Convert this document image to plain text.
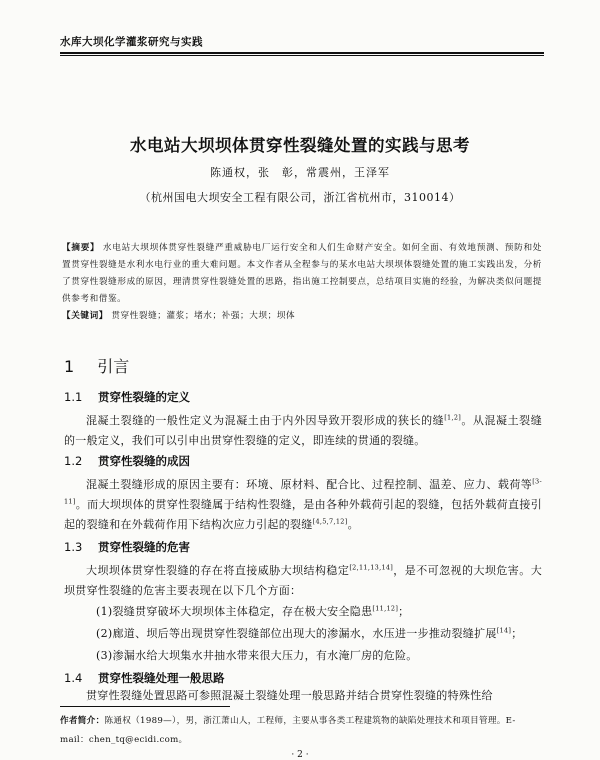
水库大坝化学灌浆研究与实践
水电站大坝坝体贯穿性裂缝处置的实践与思考
陈通权，张　彰，常震州，王泽军
（杭州国电大坝安全工程有限公司，浙江省杭州市，310014）
【摘要】 水电站大坝坝体贯穿性裂缝严重威胁电厂运行安全和人们生命财产安全。如何全面、有效地预测、预防和处置贯穿性裂缝是水利水电行业的重大难问题。本文作者从全程参与的某水电站大坝坝体裂缝处置的施工实践出发，分析了贯穿性裂缝形成的原因，理清贯穿性裂缝处置的思路，指出施工控制要点，总结项目实施的经验，为解决类似问题提供参考和借鉴。
【关键词】 贯穿性裂缝；灌浆；堵水；补强；大坝；坝体
1 引言
1.1 贯穿性裂缝的定义

混凝土裂缝的一般性定义为混凝土由于内外因导致开裂形成的狭长的缝[1,2]。从混凝土裂缝的一般定义，我们可以引申出贯穿性裂缝的定义，即连续的贯通的裂缝。

1.2 贯穿性裂缝的成因

混凝土裂缝形成的原因主要有：环境、原材料、配合比、过程控制、温差、应力、载荷等[3-11]。而大坝坝体的贯穿性裂缝属于结构性裂缝，是由各种外载荷引起的裂缝，包括外载荷直接引起的裂缝和在外载荷作用下结构次应力引起的裂缝[4,5,7,12]。

1.3 贯穿性裂缝的危害

大坝坝体贯穿性裂缝的存在将直接威胁大坝结构稳定[2,11,13,14]，是不可忽视的大坝危害。大坝贯穿性裂缝的危害主要表现在以下几个方面：

(1)裂缝贯穿破坏大坝坝体主体稳定，存在极大安全隐患[11,12]；
(2)廊道、坝后等出现贯穿性裂缝部位出现大的渗漏水，水压进一步推动裂缝扩展[14]；
(3)渗漏水给大坝集水井抽水带来很大压力，有水淹厂房的危险。
1.4 贯穿性裂缝处理一般思路

贯穿性裂缝处置思路可参照混凝土裂缝处理一般思路并结合贯穿性裂缝的特殊性给

作者简介：陈通权（1989—），男，浙江萧山人，工程师，主要从事各类工程建筑物的缺陷处理技术和项目管理。E-mail：chen_tq@ecidi.com。
· 2 ·
